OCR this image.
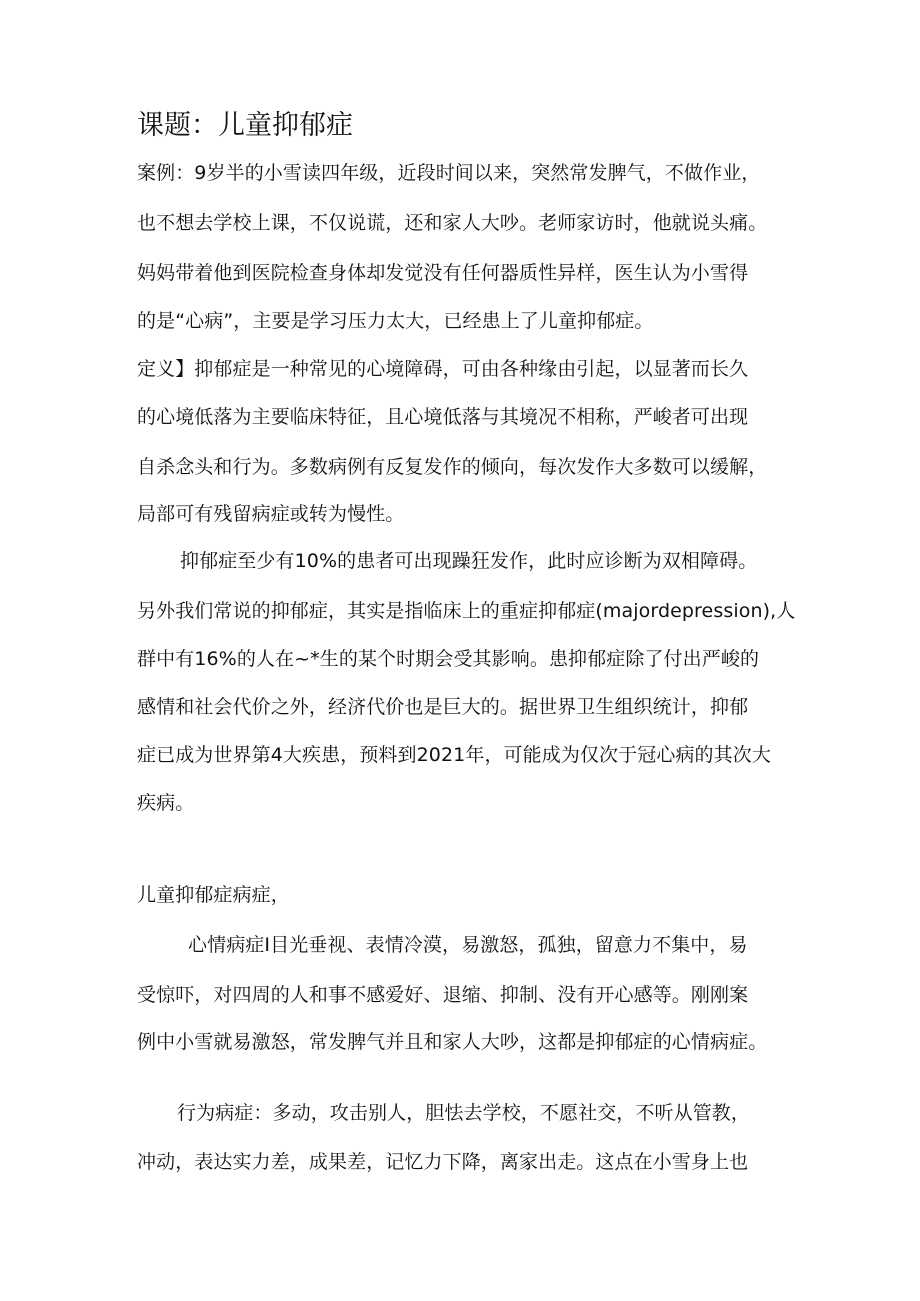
课题：儿童抑郁症
案例：9岁半的小雪读四年级，近段时间以来，突然常发脾气，不做作业，
也不想去学校上课，不仅说谎，还和家人大吵。老师家访时，他就说头痛。
妈妈带着他到医院检查身体却发觉没有任何器质性异样，医生认为小雪得
的是“心病”，主要是学习压力太大，已经患上了儿童抑郁症。
定义】抑郁症是一种常见的心境障碍，可由各种缘由引起，以显著而长久
的心境低落为主要临床特征，且心境低落与其境况不相称，严峻者可出现
自杀念头和行为。多数病例有反复发作的倾向，每次发作大多数可以缓解，
局部可有残留病症或转为慢性。
抑郁症至少有10%的患者可出现躁狂发作，此时应诊断为双相障碍。
另外我们常说的抑郁症，其实是指临床上的重症抑郁症(majordepression),人
群中有16%的人在~*生的某个时期会受其影响。患抑郁症除了付出严峻的
感情和社会代价之外，经济代价也是巨大的。据世界卫生组织统计，抑郁
症已成为世界第4大疾患，预料到2021年，可能成为仅次于冠心病的其次大
疾病。
儿童抑郁症病症，
心情病症I目光垂视、表情冷漠，易激怒，孤独，留意力不集中，易
受惊吓，对四周的人和事不感爱好、退缩、抑制、没有开心感等。刚刚案
例中小雪就易激怒，常发脾气并且和家人大吵，这都是抑郁症的心情病症。
行为病症：多动，攻击别人，胆怯去学校，不愿社交，不听从管教，
冲动，表达实力差，成果差，记忆力下降，离家出走。这点在小雪身上也
